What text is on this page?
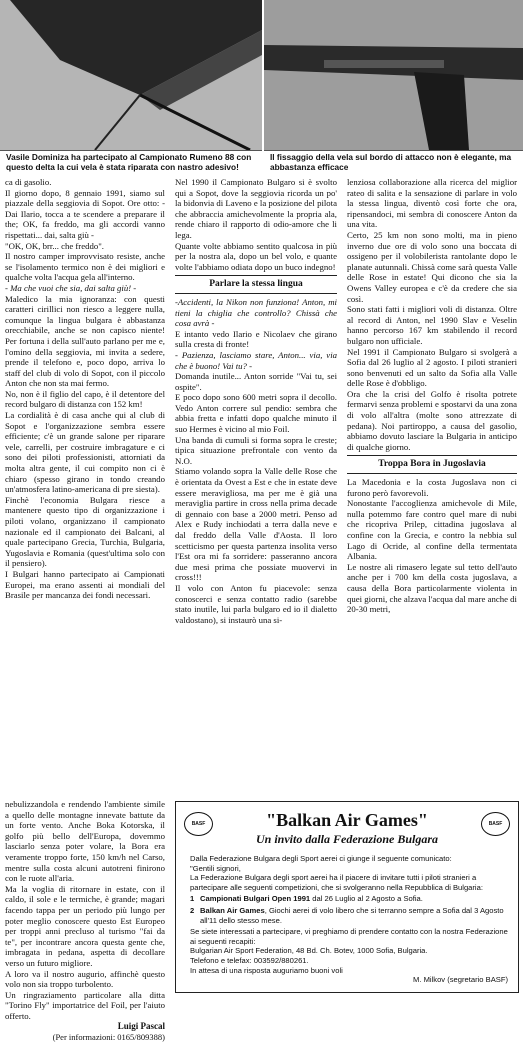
Vasile Dominiza ha partecipato al Campionato Rumeno 88 con questo delta la cui vela è stata riparata con nastro adesivo!
Il fissaggio della vela sul bordo di attacco non è elegante, ma abbastanza efficace

ca di gasolio.

Il giorno dopo, 8 gennaio 1991, siamo sul piazzale della seggiovia di Sopot. Ore otto: - Dai Ilario, tocca a te scendere a preparare il the; OK, fa freddo, ma gli accordi vanno rispettati... dai, salta giù -

"OK, OK, brr... che freddo".

Il nostro camper improvvisato resiste, anche se l'isolamento termico non è dei migliori e qualche volta l'acqua gela all'interno.

- Ma che vuoi che sia, dai salta giù! -

Maledico la mia ignoranza: con questi caratteri cirillici non riesco a leggere nulla, comunque la lingua bulgara è abbastanza orecchiabile, anche se non capisco niente! Per fortuna i della sull'auto parlano per me e, l'omino della seggiovia, mi invita a sedere, prende il telefono e, poco dopo, arriva lo staff del club di volo di Sopot, con il piccolo Anton che non sta mai fermo.

No, non è il figlio del capo, è il detentore del record bulgaro di distanza con 152 km!

La cordialità è di casa anche qui al club di Sopot e l'organizzazione sembra essere efficiente; c'è un grande salone per riparare vele, carrelli, per costruire imbragature e ci sono dei piloti professionisti, attorniati da molta altra gente, il cui compito non ci è chiaro (spesso girano in tondo creando un'atmosfera latino-americana di pre siesta).

Finchè l'economia Bulgara riesce a mantenere questo tipo di organizzazione i piloti volano, organizzano il campionato nazionale ed il campionato dei Balcani, al quale partecipano Grecia, Turchia, Bulgaria, Yugoslavia e Romania (quest'ultima solo con il pensiero).

I Bulgari hanno partecipato ai Campionati Europei, ma erano assenti ai mondiali del Brasile per mancanza dei fondi necessari.

Nel 1990 il Campionato Bulgaro si è svolto qui a Sopot, dove la seggiovia ricorda un po' la bidonvia di Laveno e la posizione del pilota che abbraccia amichevolmente la propria ala, rende chiaro il rapporto di odio-amore che li lega.

Quante volte abbiamo sentito qualcosa in più per la nostra ala, dopo un bel volo, e quante volte l'abbiamo odiata dopo un buco indegno!

Parlare la stessa lingua

-Accidenti, la Nikon non funziona! Anton, mi tieni la chiglia che controllo? Chissà che cosa avrà -

E intanto vedo Ilario e Nicolaev che girano sulla cresta di fronte!

- Pazienza, lasciamo stare, Anton... via, via che è buono! Vai tu? -

Domanda inutile... Anton sorride "Vai tu, sei ospite".

E poco dopo sono 600 metri sopra il decollo. Vedo Anton correre sul pendio: sembra che abbia fretta e infatti dopo qualche minuto il suo Hermes è vicino al mio Foil.

Una banda di cumuli si forma sopra le creste; tipica situazione prefrontale con vento da N.O.

Stiamo volando sopra la Valle delle Rose che è orientata da Ovest a Est e che in estate deve essere meravigliosa, ma per me è già una meraviglia partire in cross nella prima decade di gennaio con base a 2000 metri. Penso ad Alex e Rudy inchiodati a terra dalla neve e dal freddo della Valle d'Aosta. Il loro scetticismo per questa partenza insolita verso l'Est ora mi fa sorridere: passeranno ancora due mesi prima che possiate muovervi in cross!!!

Il volo con Anton fu piacevole: senza conoscerci e senza contatto radio (sarebbe stato inutile, lui parla bulgaro ed io il dialetto valdostano), si instaurò una si-

lenziosa collaborazione alla ricerca del miglior rateo di salita e la sensazione di parlare in volo la stessa lingua, diventò così forte che ora, ripensandoci, mi sembra di conoscere Anton da una vita.

Certo, 25 km non sono molti, ma in pieno inverno due ore di volo sono una boccata di ossigeno per il volobilerista rantolante dopo le planate autunnali. Chissà come sarà questa Valle delle Rose in estate! Qui dicono che sia la Owens Valley europea e c'è da credere che sia così.

Sono stati fatti i migliori voli di distanza. Oltre al record di Anton, nel 1990 Slav e Veselin hanno percorso 167 km stabilendo il record bulgaro non ufficiale.

Nel 1991 il Campionato Bulgaro si svolgerà a Sofia dal 26 luglio al 2 agosto. I piloti stranieri sono benvenuti ed un salto da Sofia alla Valle delle Rose è d'obbligo.

Ora che la crisi del Golfo è risolta potrete fermarvi senza problemi e spostarvi da una zona di volo all'altra (molte sono attrezzate di pedana). Noi partiroppo, a causa del gasolio, abbiamo dovuto lasciare la Bulgaria in anticipo di qualche giorno.

Troppa Bora in Jugoslavia

La Macedonia e la costa Jugoslava non ci furono però favorevoli.

Nonostante l'accoglienza amichevole di Mile, nulla potemmo fare contro quel mare di nubi che ricopriva Prilep, cittadina jugoslava al confine con la Grecia, e contro la nebbia sul Lago di Ocride, al confine della termentata Albania.

Le nostre ali rimasero legate sul tetto dell'auto anche per i 700 km della costa jugoslava, a causa della Bora particolarmente violenta in quei giorni, che alzava l'acqua dal mare anche di 20-30 metri,

nebulizzandola e rendendo l'ambiente simile a quello delle montagne innevate battute da un forte vento. Anche Boka Kotorska, il golfo più bello dell'Europa, dovemmo lasciarlo senza poter volare, la Bora era veramente troppo forte, 150 km/h nel Carso, mentre sulla costa alcuni autotreni finirono con le ruote all'aria.

Ma la voglia di ritornare in estate, con il caldo, il sole e le termiche, è grande; magari facendo tappa per un periodo più lungo per poter meglio conoscere questo Est Europeo per troppi anni precluso al turismo "fai da te", per incontrare ancora questa gente che, imbragata in pedana, aspetta di decollare verso un futuro migliore.

A loro va il nostro augurio, affinchè questo volo non sia troppo turbolento.

Un ringraziamento particolare alla ditta "Torino Fly" importatrice del Foil, per l'aiuto offerto.

Luigi Pascal
(Per informazioni: 0165/809388)
BASF	BASF
"Balkan Air Games"
Un invito dalla Federazione Bulgara

Dalla Federazione Bulgara degli Sport aerei ci giunge il seguente comunicato:

"Gentili signori,

La Federazione Bulgara degli sport aerei ha il piacere di invitare tutti i piloti stranieri a partecipare alle seguenti competizioni, che si svolgeranno nella Repubblica di Bulgaria:

1 Campionati Bulgari Open 1991 dal 26 Luglio al 2 Agosto a Sofia.
2 Balkan Air Games, Giochi aerei di volo libero che si terranno sempre a Sofia dal 3 Agosto all'11 dello stesso mese.

Se siete interessati a partecipare, vi preghiamo di prendere contatto con la nostra Federazione ai seguenti recapiti:

Bulgarian Air Sport Federation, 48 Bd. Ch. Botev, 1000 Sofia, Bulgaria.

Telefono e telefax: 003592/880261.

In attesa di una risposta auguriamo buoni voli

M. Milkov (segretario BASF)
